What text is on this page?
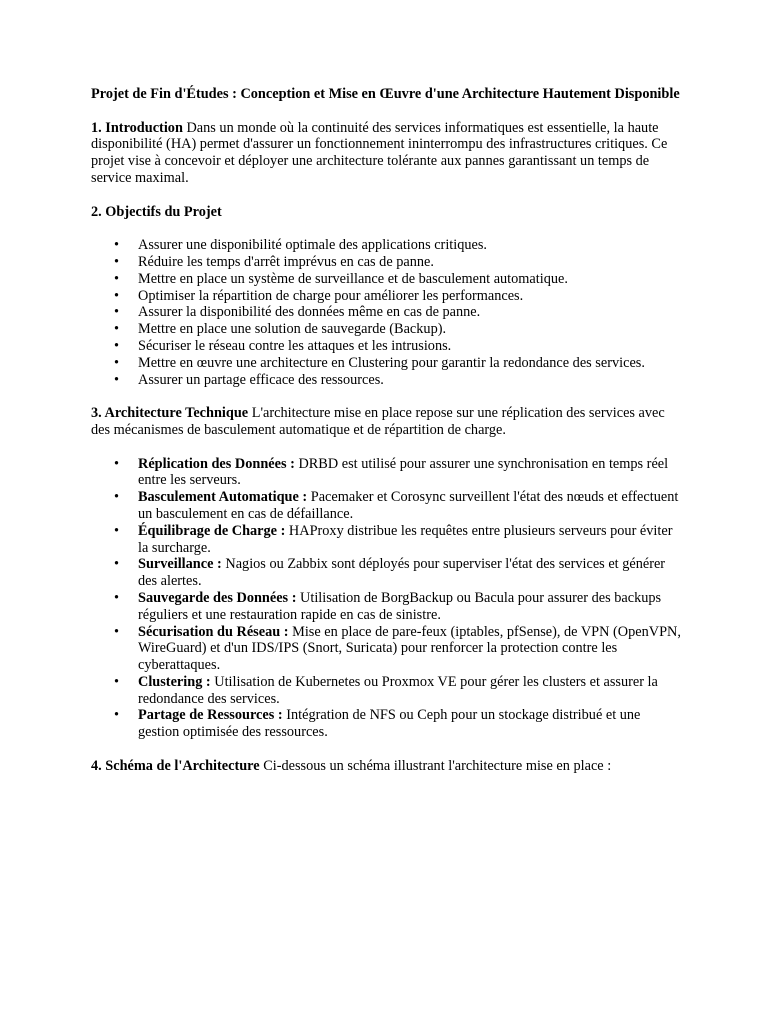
Projet de Fin d'Études : Conception et Mise en Œuvre d'une Architecture Hautement Disponible

1. Introduction Dans un monde où la continuité des services informatiques est essentielle, la haute disponibilité (HA) permet d'assurer un fonctionnement ininterrompu des infrastructures critiques. Ce projet vise à concevoir et déployer une architecture tolérante aux pannes garantissant un temps de service maximal.

2. Objectifs du Projet

• Assurer une disponibilité optimale des applications critiques.
• Réduire les temps d'arrêt imprévus en cas de panne.
• Mettre en place un système de surveillance et de basculement automatique.
• Optimiser la répartition de charge pour améliorer les performances.
• Assurer la disponibilité des données même en cas de panne.
• Mettre en place une solution de sauvegarde (Backup).
• Sécuriser le réseau contre les attaques et les intrusions.
• Mettre en œuvre une architecture en Clustering pour garantir la redondance des services.
• Assurer un partage efficace des ressources.

3. Architecture Technique L'architecture mise en place repose sur une réplication des services avec des mécanismes de basculement automatique et de répartition de charge.

• Réplication des Données : DRBD est utilisé pour assurer une synchronisation en temps réel entre les serveurs.
• Basculement Automatique : Pacemaker et Corosync surveillent l'état des nœuds et effectuent un basculement en cas de défaillance.
• Équilibrage de Charge : HAProxy distribue les requêtes entre plusieurs serveurs pour éviter la surcharge.
• Surveillance : Nagios ou Zabbix sont déployés pour superviser l'état des services et générer des alertes.
• Sauvegarde des Données : Utilisation de BorgBackup ou Bacula pour assurer des backups réguliers et une restauration rapide en cas de sinistre.
• Sécurisation du Réseau : Mise en place de pare-feux (iptables, pfSense), de VPN (OpenVPN, WireGuard) et d'un IDS/IPS (Snort, Suricata) pour renforcer la protection contre les cyberattaques.
• Clustering : Utilisation de Kubernetes ou Proxmox VE pour gérer les clusters et assurer la redondance des services.
• Partage de Ressources : Intégration de NFS ou Ceph pour un stockage distribué et une gestion optimisée des ressources.

4. Schéma de l'Architecture Ci-dessous un schéma illustrant l'architecture mise en place :
